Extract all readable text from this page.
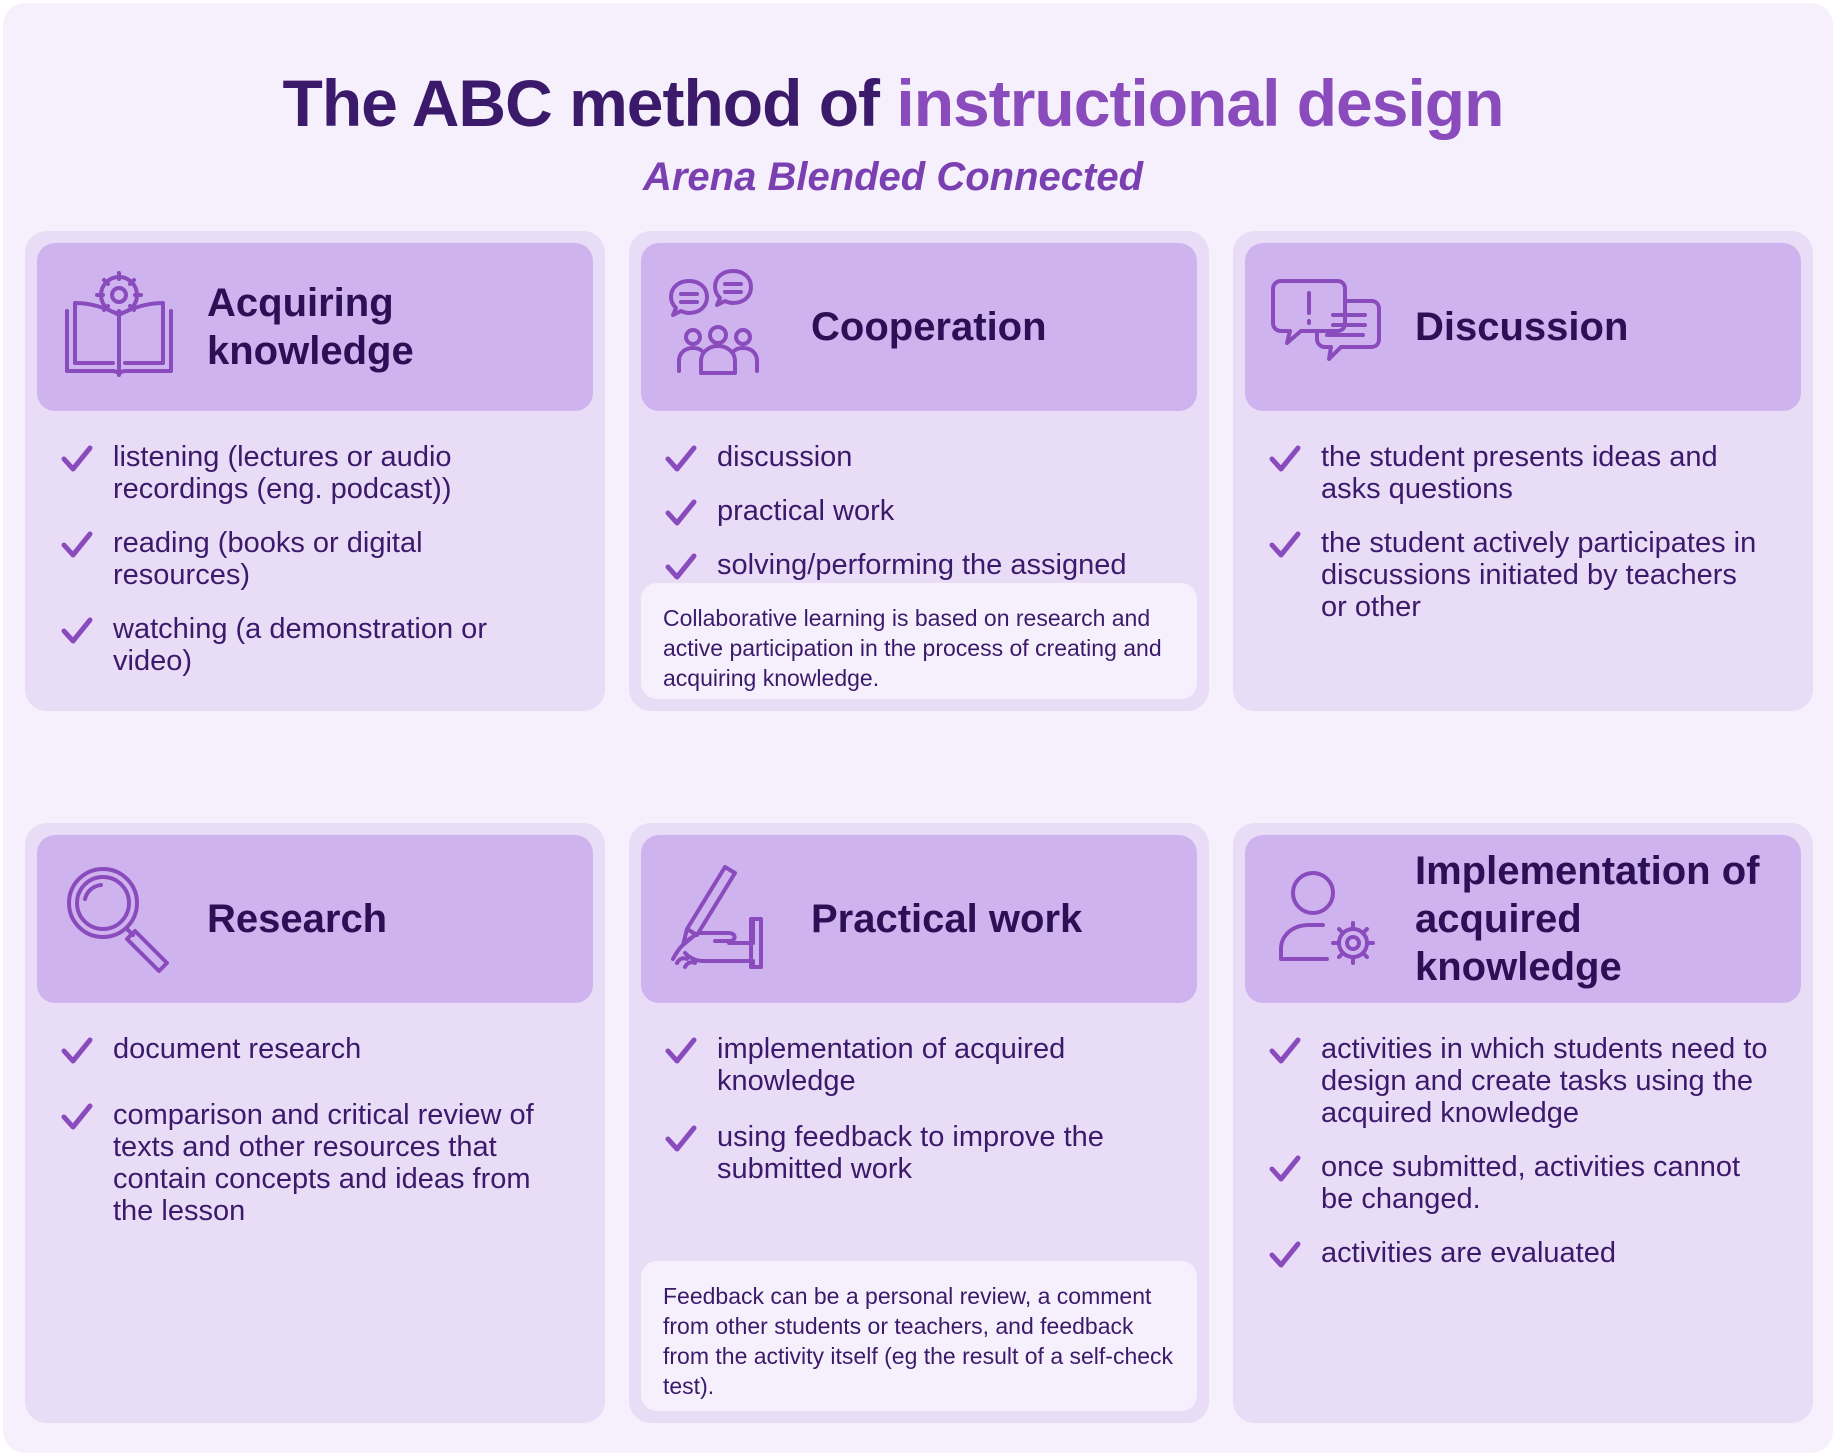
The ABC method of instructional design
Arena Blended Connected
Acquiring knowledge
listening (lectures or audio recordings (eng. podcast))
reading (books or digital resources)
watching (a demonstration or video)
Cooperation
discussion
practical work
solving/performing the assigned
Collaborative learning is based on research and active participation in the process of creating and acquiring knowledge.
Discussion
the student presents ideas and asks questions
the student actively participates in discussions initiated by teachers or other
Research
document research
comparison and critical review of texts and other resources that contain concepts and ideas from the lesson
Practical work
implementation of acquired knowledge
using feedback to improve the submitted work
Feedback can be a personal review, a comment from other students or teachers, and feedback from the activity itself (eg the result of a self-check test).
Implementation of acquired knowledge
activities in which students need to design and create tasks using the acquired knowledge
once submitted, activities cannot be changed.
activities are evaluated
